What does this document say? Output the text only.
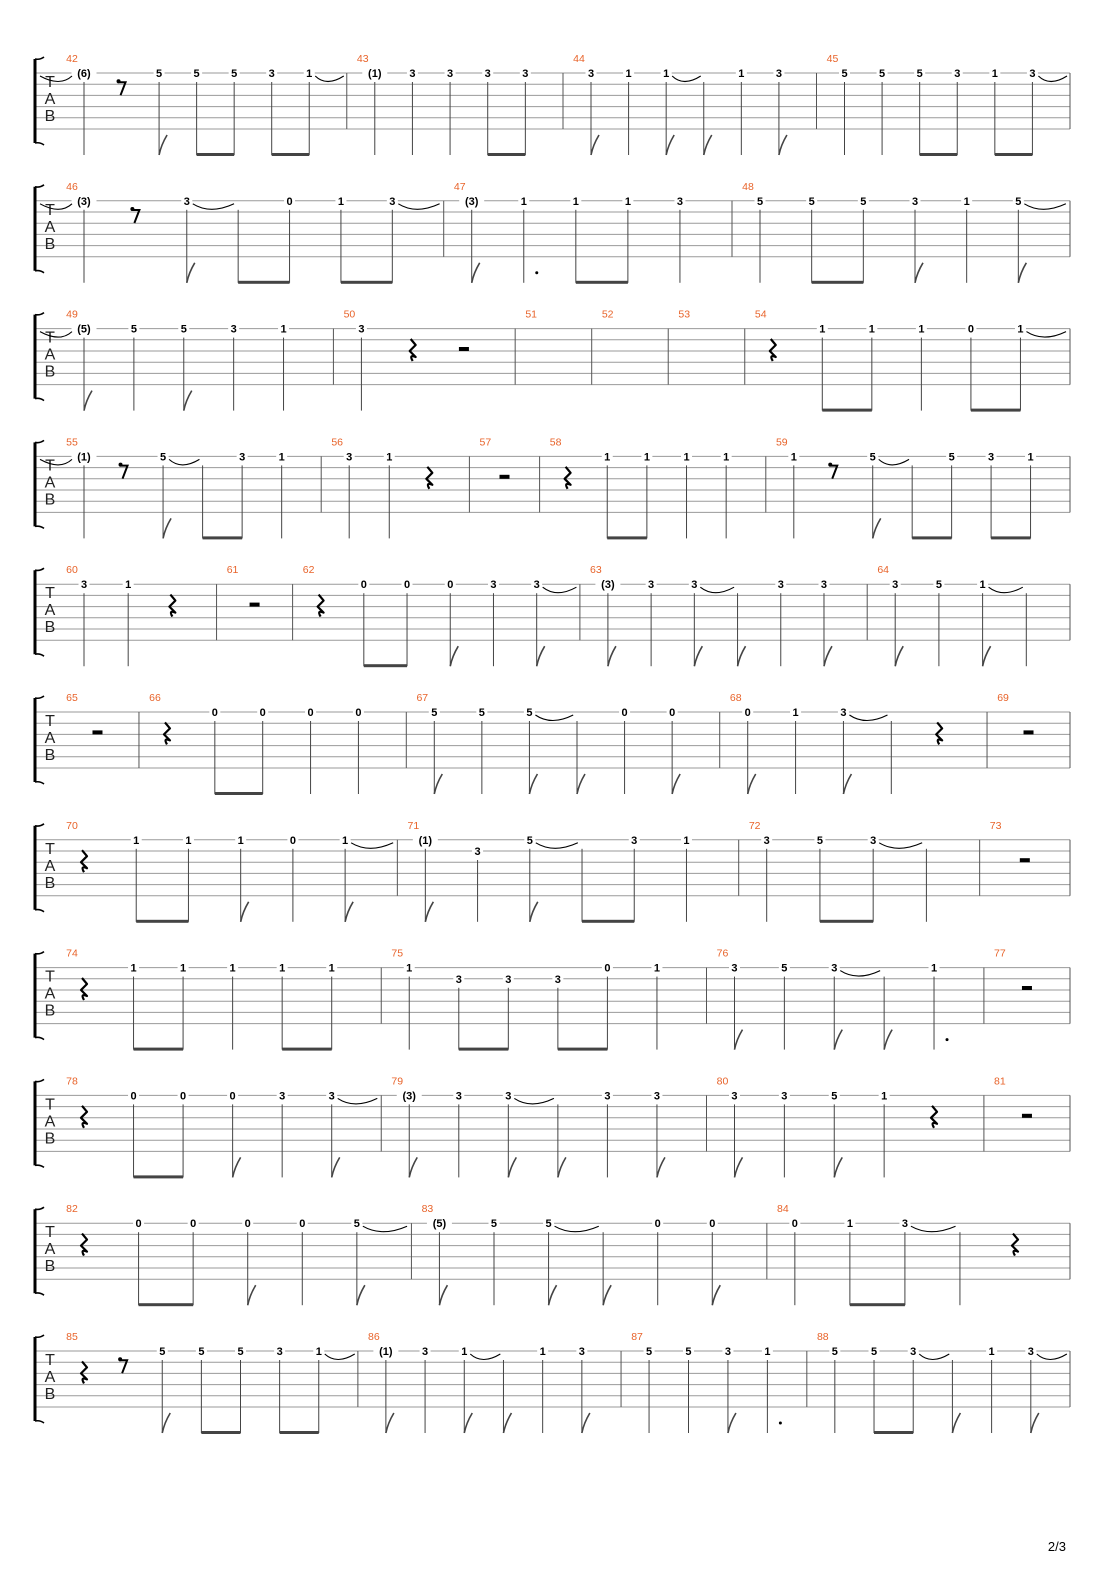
T
A
B
42
(6)	5	5	5	3	1
43
(1)	3	3	3	3
44
3	1	1	1	3
45
5	5	5	3	1	3
T
A
B
46
(3)	3	0	1	3
47
(3)	1	1	1	3
48
5	5	5	3	1	5
T
A
B
49
(5)	5	5	3	1
50
3
51	52	53	54
1	1	1	0	1
T
A
B
55
(1)	5	3	1
56
3	1
57	58
1	1	1	1
59
1	5	5	3	1
T
A
B
60
3	1
61	62
0	0	0	3	3
63
(3)	3	3	3	3
64
3	5	1
T
A
B
65	66
0	0	0	0
67
5	5	5	0	0
68
0	1	3
69
T
A
B
70
1	1	1	0	1
71
(1)
3
5	3	1
72
3	5	3
73
T
A
B
74
1	1	1	1	1
75
1
3	3	3
0	1
76
3	5	3	1
77
T
A
B
78
0	0	0	3	3
79
(3)	3	3	3	3
80
3	3	5	1
81
T
A
B
82
0	0	0	0	5
83
(5)	5	5	0	0
84
0	1	3
T
A
B
85
5	5	5	3	1
86
(1)	3	1	1	3
87
5	5	3	1
88
5	5	3	1	3
2/3
